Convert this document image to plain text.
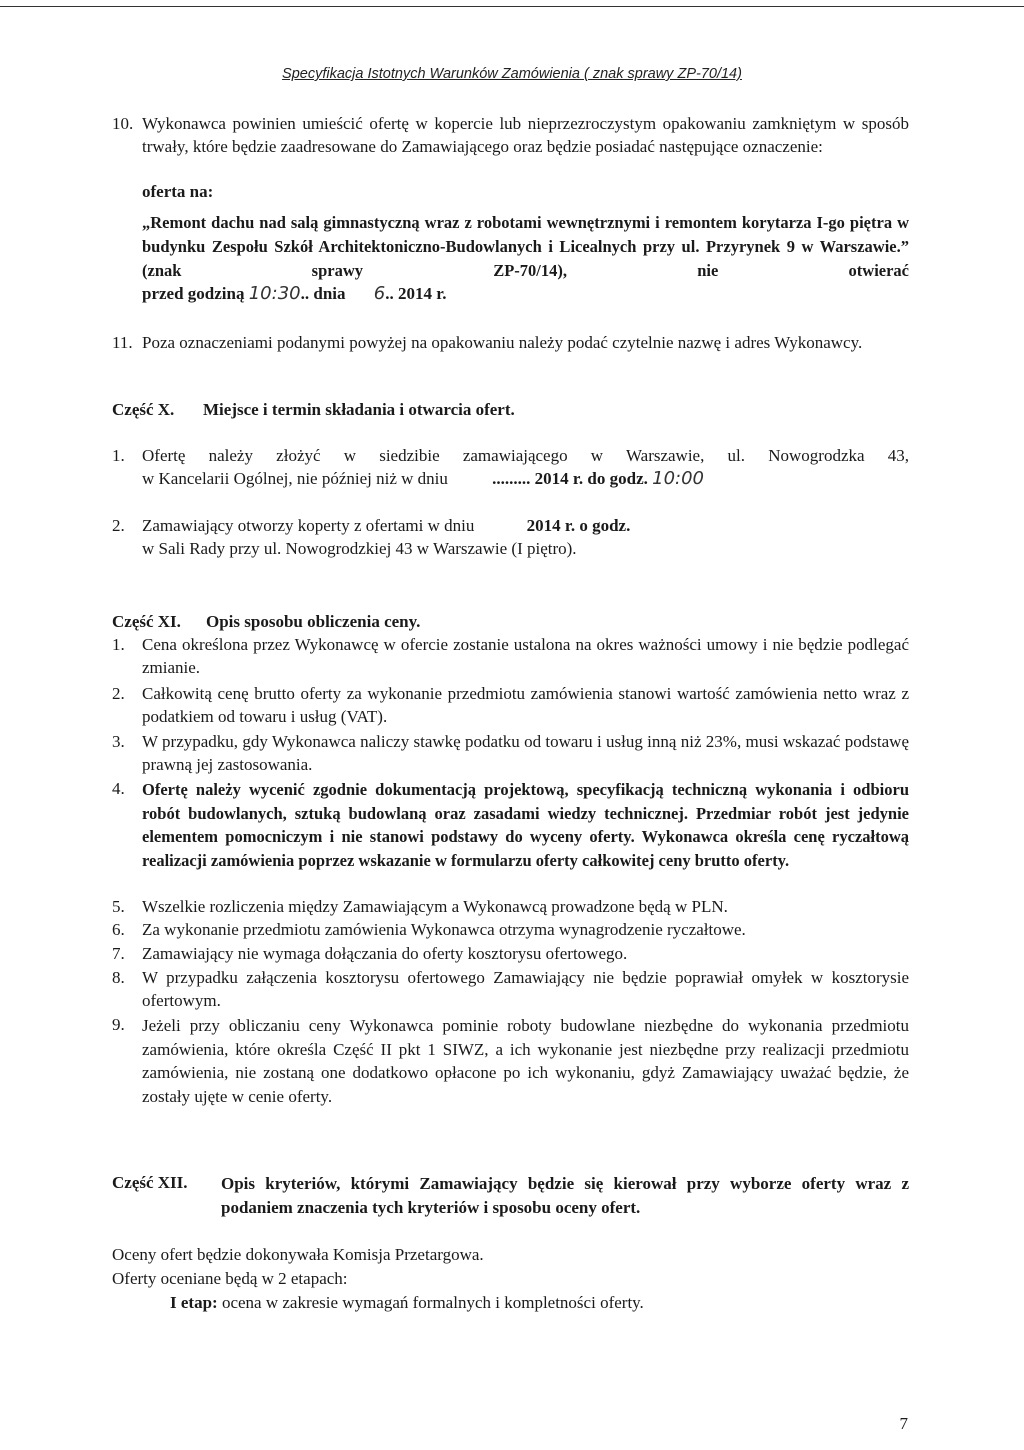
Specyfikacja Istotnych Warunków Zamówienia ( znak sprawy ZP-70/14)
10. Wykonawca powinien umieścić ofertę w kopercie lub nieprzezroczystym opakowaniu zamkniętym w sposób trwały, które będzie zaadresowane do Zamawiającego oraz będzie posiadać następujące oznaczenie:
oferta na:
„Remont dachu nad salą gimnastyczną wraz z robotami wewnętrznymi i remontem korytarza I-go piętra w budynku Zespołu Szkół Architektoniczno-Budowlanych i Licealnych przy ul. Przyrynek 9 w Warszawie.” (znak sprawy ZP-70/14), nie otwierać
przed godziną 10:30.. dnia 6.. 2014 r.
11. Poza oznaczeniami podanymi powyżej na opakowaniu należy podać czytelnie nazwę i adres Wykonawcy.
Część X. Miejsce i termin składania i otwarcia ofert.
1. Ofertę należy złożyć w siedzibie zamawiającego w Warszawie, ul. Nowogrodzka 43,
w Kancelarii Ogólnej, nie później niż w dniu	......... 2014 r. do godz. 10:00
2. Zamawiający otworzy koperty z ofertami w dniu	2014 r. o godz.
w Sali Rady przy ul. Nowogrodzkiej 43 w Warszawie (I piętro).
Część XI. Opis sposobu obliczenia ceny.
1. Cena określona przez Wykonawcę w ofercie zostanie ustalona na okres ważności umowy i nie będzie podlegać zmianie.
2. Całkowitą cenę brutto oferty za wykonanie przedmiotu zamówienia stanowi wartość zamówienia netto wraz z podatkiem od towaru i usług (VAT).
3. W przypadku, gdy Wykonawca naliczy stawkę podatku od towaru i usług inną niż 23%, musi wskazać podstawę prawną jej zastosowania.
4. Ofertę należy wycenić zgodnie dokumentacją projektową, specyfikacją techniczną wykonania i odbioru robót budowlanych, sztuką budowlaną oraz zasadami wiedzy technicznej. Przedmiar robót jest jedynie elementem pomocniczym i nie stanowi podstawy do wyceny oferty. Wykonawca określa cenę ryczałtową realizacji zamówienia poprzez wskazanie w formularzu oferty całkowitej ceny brutto oferty.
5. Wszelkie rozliczenia między Zamawiającym a Wykonawcą prowadzone będą w PLN.
6. Za wykonanie przedmiotu zamówienia Wykonawca otrzyma wynagrodzenie ryczałtowe.
7. Zamawiający nie wymaga dołączania do oferty kosztorysu ofertowego.
8. W przypadku załączenia kosztorysu ofertowego Zamawiający nie będzie poprawiał omyłek w kosztorysie ofertowym.
9. Jeżeli przy obliczaniu ceny Wykonawca pominie roboty budowlane niezbędne do wykonania przedmiotu zamówienia, które określa Część II pkt 1 SIWZ, a ich wykonanie jest niezbędne przy realizacji przedmiotu zamówienia, nie zostaną one dodatkowo opłacone po ich wykonaniu, gdyż Zamawiający uważać będzie, że zostały ujęte w cenie oferty.
Część XII. Opis kryteriów, którymi Zamawiający będzie się kierował przy wyborze oferty wraz z podaniem znaczenia tych kryteriów i sposobu oceny ofert.
Oceny ofert będzie dokonywała Komisja Przetargowa.
Oferty oceniane będą w 2 etapach:
I etap: ocena w zakresie wymagań formalnych i kompletności oferty.
7
